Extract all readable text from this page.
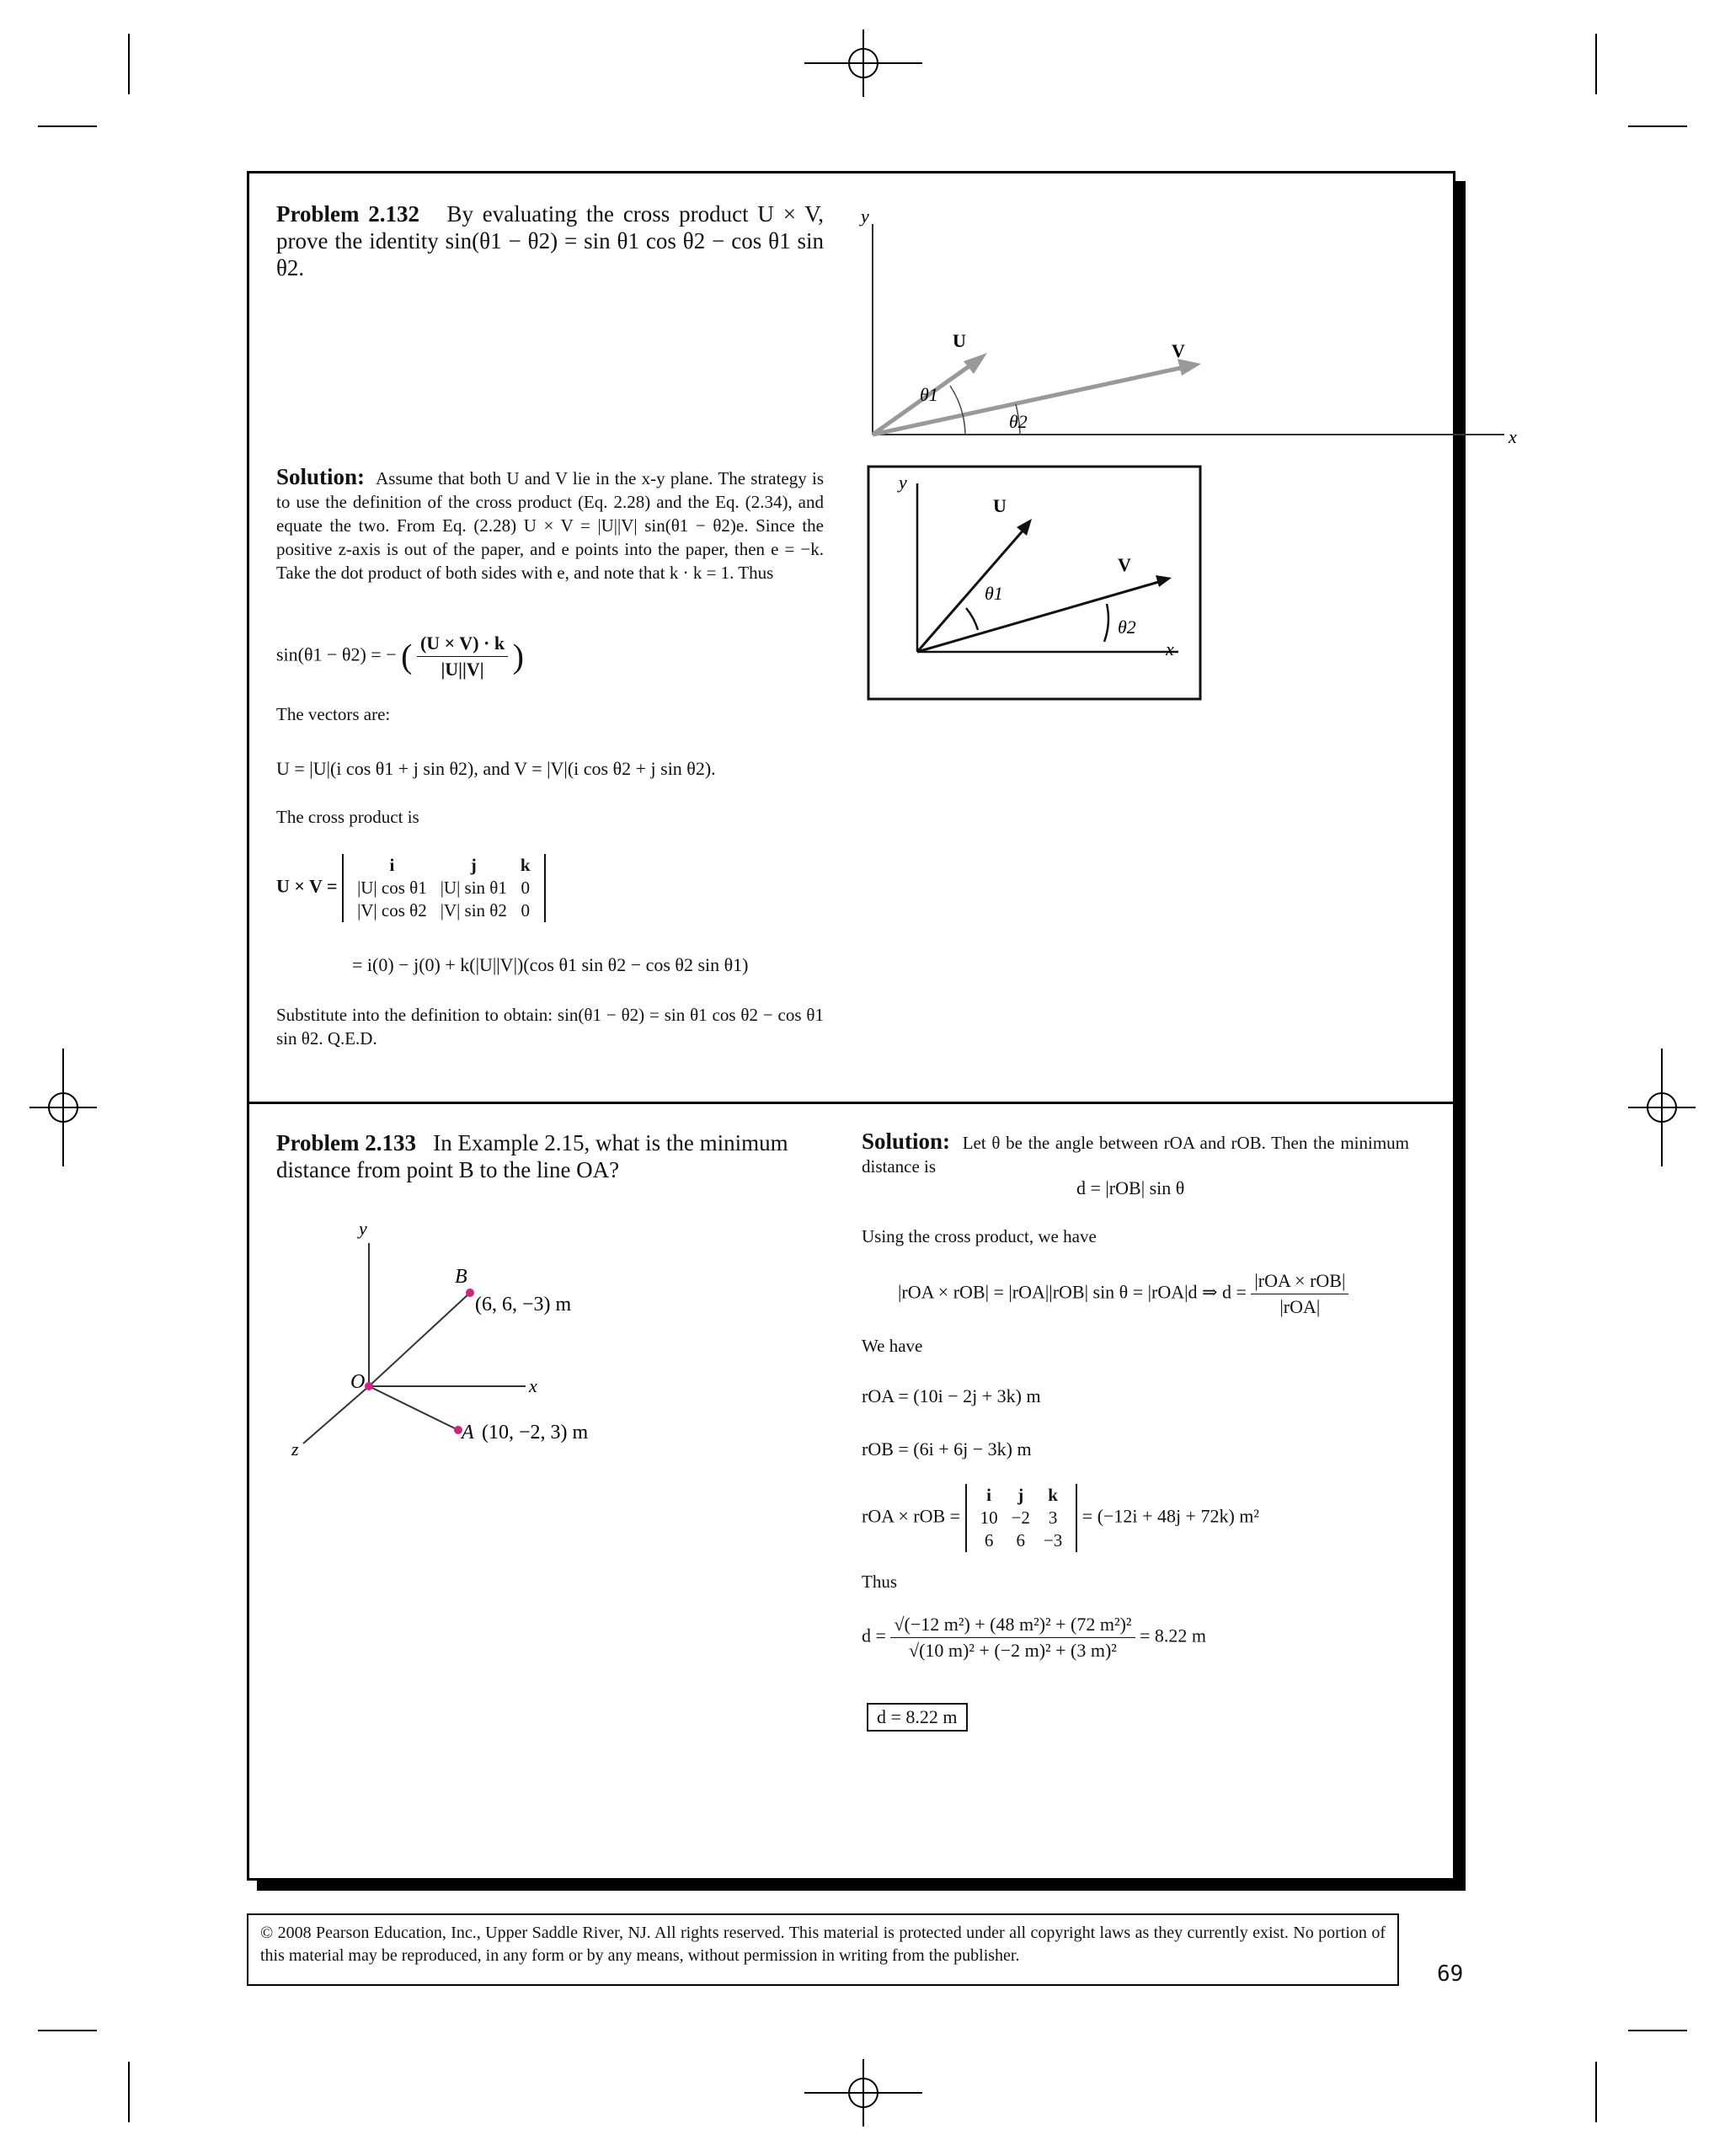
Problem 2.132 By evaluating the cross product U × V, prove the identity sin(θ1 − θ2) = sin θ1 cos θ2 − cos θ1 sin θ2.
y
x
U	V
θ1
θ2
Solution: Assume that both U and V lie in the x-y plane. The strategy is to use the definition of the cross product (Eq. 2.28) and the Eq. (2.34), and equate the two. From Eq. (2.28) U × V = |U||V| sin(θ1 − θ2)e. Since the positive z-axis is out of the paper, and e points into the paper, then e = −k. Take the dot product of both sides with e, and note that k · k = 1. Thus
y
x
U
V
θ1
θ2
sin(θ1 − θ2) = − ( $\frac{(U \times V) \cdot k}{|U||V|}$ )
The vectors are:
U = |U|(i cos θ1 + j sin θ2), and V = |V|(i cos θ2 + j sin θ2).
The cross product is
U × V =
i	j	k
|U| cos θ1	|U| sin θ1	0
|V| cos θ2	|V| sin θ2	0
= i(0) − j(0) + k(|U||V|)(cos θ1 sin θ2 − cos θ2 sin θ1)
Substitute into the definition to obtain: sin(θ1 − θ2) = sin θ1 cos θ2 − cos θ1 sin θ2. Q.E.D.
Problem 2.133 In Example 2.15, what is the minimum distance from point B to the line OA?
y
x
z
O
B
(6, 6, −3) m
A (10, −2, 3) m
Solution: Let θ be the angle between rOA and rOB. Then the minimum distance is
d = |rOB| sin θ
Using the cross product, we have
|rOA × rOB| = |rOA||rOB| sin θ = |rOA|d ⇒ $d = \frac{\text{|rOA × rOB|}}{\text{|rOA|}}$
We have
rOA = (10i − 2j + 3k) m
rOB = (6i + 6j − 3k) m
rOA × rOB =
i	j	k
10	−2	3
6	6	−3
= (−12i + 48j + 72k) m²
Thus
$d = \frac{\text{√(−12 m²) + (48 m²)² + (72 m²)²}}{\text{√(10 m)² + (−2 m)² + (3 m)²}} = 8.22$ m
d = 8.22 m
© 2008 Pearson Education, Inc., Upper Saddle River, NJ. All rights reserved. This material is protected under all copyright laws as they currently exist. No portion of this material may be reproduced, in any form or by any means, without permission in writing from the publisher.
69
